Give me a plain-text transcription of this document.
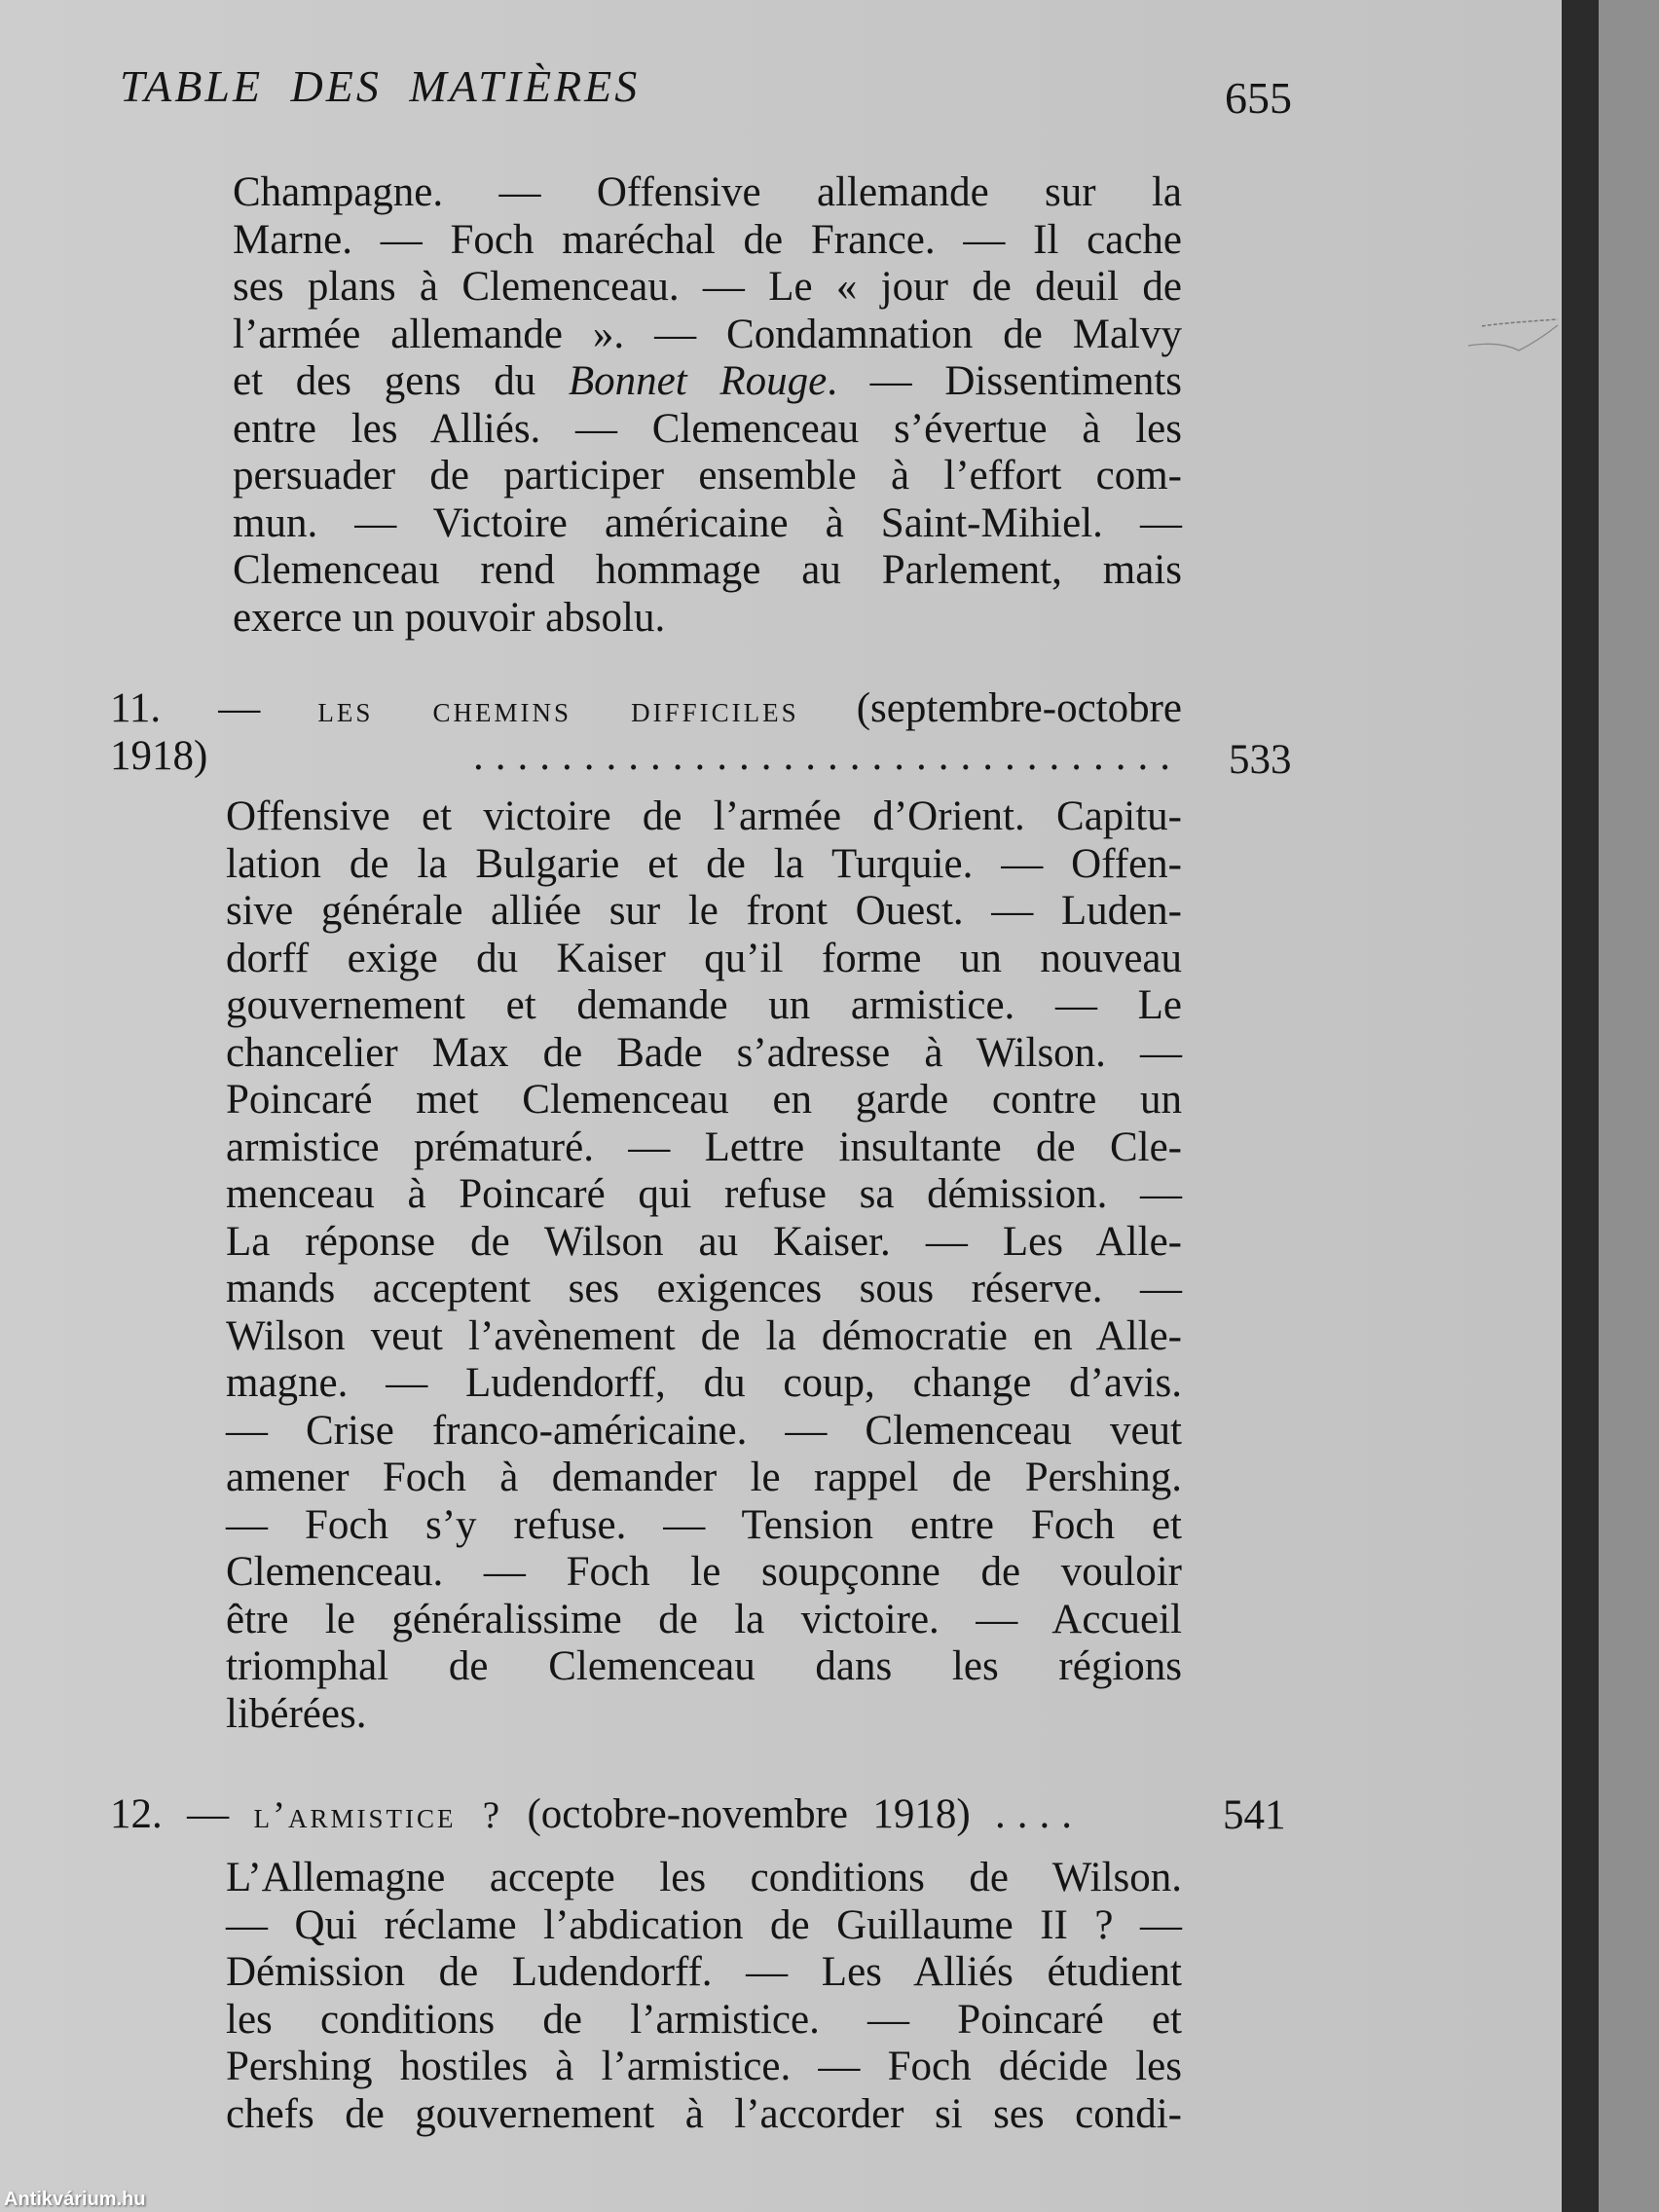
TABLE DES MATIÈRES	655
Champagne. — Offensive allemande sur la
Marne. — Foch maréchal de France. — Il cache
ses plans à Clemenceau. — Le « jour de deuil de
l’armée allemande ». — Condamnation de Malvy
et des gens du Bonnet Rouge. — Dissentiments
entre les Alliés. — Clemenceau s’évertue à les
persuader de participer ensemble à l’effort com-
mun. — Victoire américaine à Saint-Mihiel. —
Clemenceau rend hommage au Parlement, mais
exerce un pouvoir absolu.
11. — les chemins difficiles (septembre-octobre
1918)	................................ 533
Offensive et victoire de l’armée d’Orient. Capitu-
lation de la Bulgarie et de la Turquie. — Offen-
sive générale alliée sur le front Ouest. — Luden-
dorff exige du Kaiser qu’il forme un nouveau
gouvernement et demande un armistice. — Le
chancelier Max de Bade s’adresse à Wilson. —
Poincaré met Clemenceau en garde contre un
armistice prématuré. — Lettre insultante de Cle-
menceau à Poincaré qui refuse sa démission. —
La réponse de Wilson au Kaiser. — Les Alle-
mands acceptent ses exigences sous réserve. —
Wilson veut l’avènement de la démocratie en Alle-
magne. — Ludendorff, du coup, change d’avis.
— Crise franco-américaine. — Clemenceau veut
amener Foch à demander le rappel de Pershing.
— Foch s’y refuse. — Tension entre Foch et
Clemenceau. — Foch le soupçonne de vouloir
être le généralissime de la victoire. — Accueil
triomphal de Clemenceau dans les régions
libérées.
12. — l’armistice ? (octobre-novembre 1918) ....	541
L’Allemagne accepte les conditions de Wilson.
— Qui réclame l’abdication de Guillaume II ? —
Démission de Ludendorff. — Les Alliés étudient
les conditions de l’armistice. — Poincaré et
Pershing hostiles à l’armistice. — Foch décide les
chefs de gouvernement à l’accorder si ses condi-
Antikvárium.hu
